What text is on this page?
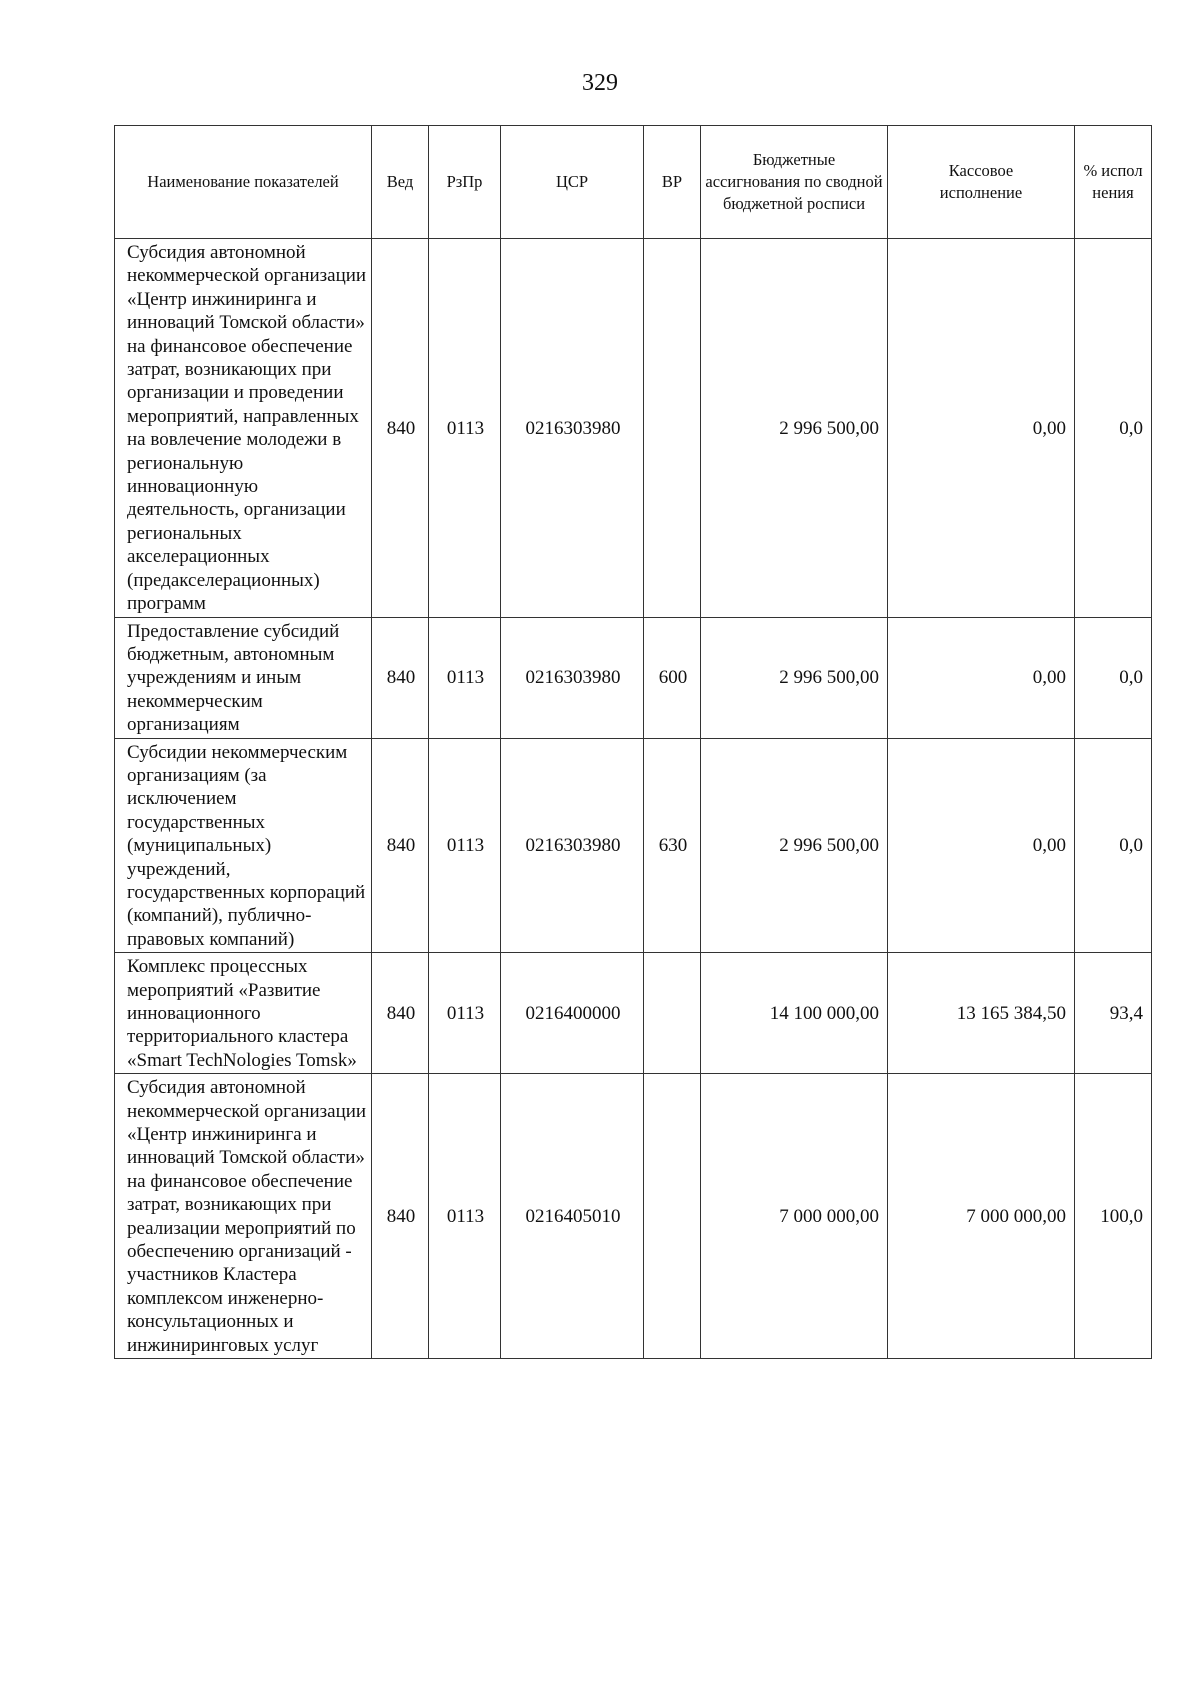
329
Наименование показателей	Вед	РзПр	ЦСР	ВР	Бюджетные ассигнования по сводной бюджетной росписи	Кассовое исполнение	% испол нения
Субсидия автономной некоммерческой организации «Центр инжиниринга и инноваций Томской области» на финансовое обеспечение затрат, возникающих при организации и проведении мероприятий, направленных на вовлечение молодежи в региональную инновационную деятельность, организации региональных акселерационных (предакселерационных) программ	840	0113	0216303980		2 996 500,00	0,00	0,0
Предоставление субсидий бюджетным, автономным учреждениям и иным некоммерческим организациям	840	0113	0216303980	600	2 996 500,00	0,00	0,0
Субсидии некоммерческим организациям (за исключением государственных (муниципальных) учреждений, государственных корпораций (компаний), публично-правовых компаний)	840	0113	0216303980	630	2 996 500,00	0,00	0,0
Комплекс процессных мероприятий «Развитие инновационного территориального кластера «Smart TechNologies Tomsk»	840	0113	0216400000		14 100 000,00	13 165 384,50	93,4
Субсидия автономной некоммерческой организации «Центр инжиниринга и инноваций Томской области» на финансовое обеспечение затрат, возникающих при реализации мероприятий по обеспечению организаций - участников Кластера комплексом инженерно-консультационных и инжиниринговых услуг	840	0113	0216405010		7 000 000,00	7 000 000,00	100,0
